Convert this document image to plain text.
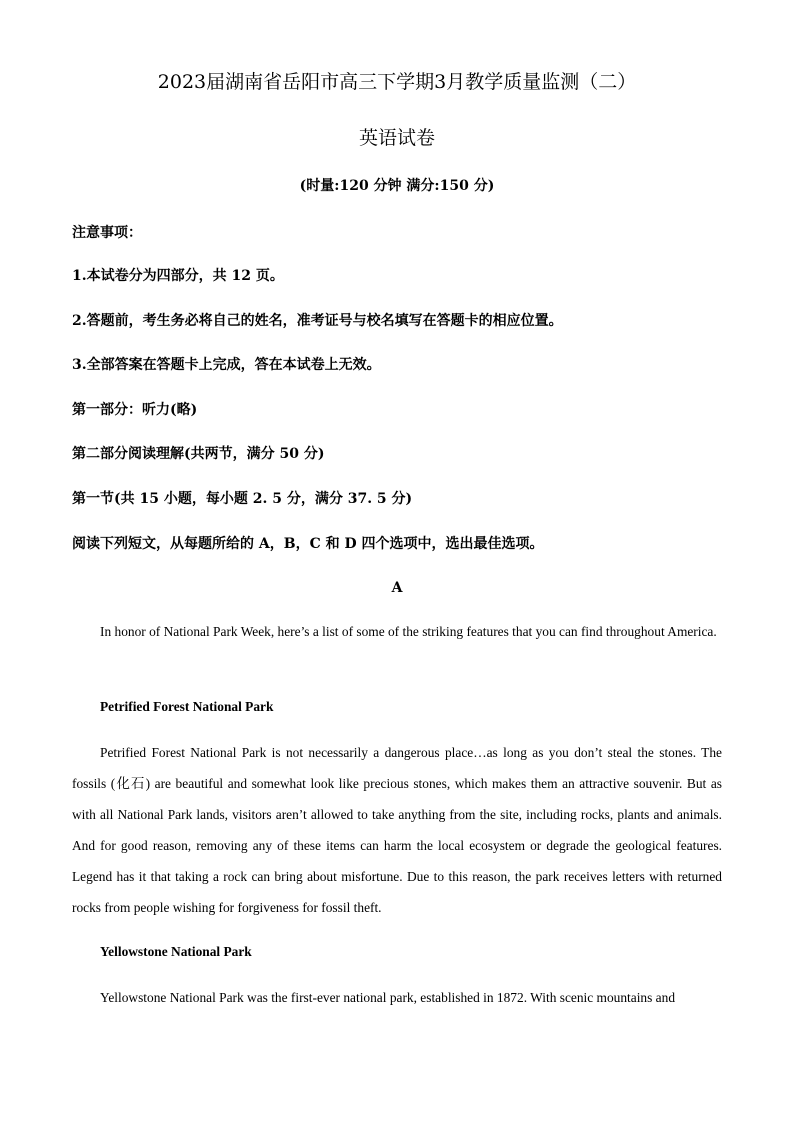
2023届湖南省岳阳市高三下学期3月教学质量监测（二）
英语试卷
(时量:120 分钟 满分:150 分)
注意事项：
1.本试卷分为四部分，共 12 页。
2.答题前，考生务必将自己的姓名，准考证号与校名填写在答题卡的相应位置。
3.全部答案在答题卡上完成，答在本试卷上无效。
第一部分：听力(略)
第二部分阅读理解(共两节，满分 50 分)
第一节(共 15 小题，每小题 2. 5 分，满分 37. 5 分)
阅读下列短文，从每题所给的 A，B，C 和 D 四个选项中，选出最佳选项。
A
In honor of National Park Week, here’s a list of some of the striking features that you can find throughout America.
Petrified Forest National Park
Petrified Forest National Park is not necessarily a dangerous place…as long as you don’t steal the stones. The fossils (化石) are beautiful and somewhat look like precious stones, which makes them an attractive souvenir. But as with all National Park lands, visitors aren’t allowed to take anything from the site, including rocks, plants and animals. And for good reason, removing any of these items can harm the local ecosystem or degrade the geological features. Legend has it that taking a rock can bring about misfortune. Due to this reason, the park receives letters with returned rocks from people wishing for forgiveness for fossil theft.
Yellowstone National Park
Yellowstone National Park was the first-ever national park, established in 1872. With scenic mountains and
